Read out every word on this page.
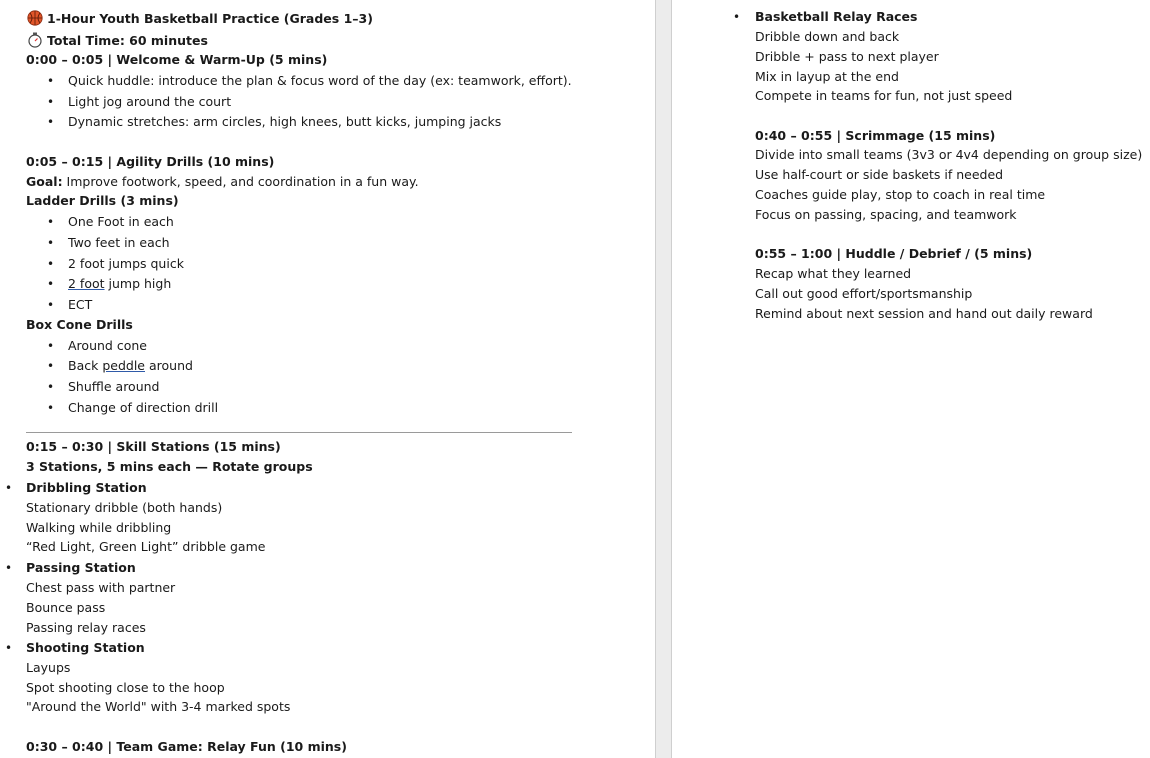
1-Hour Youth Basketball Practice (Grades 1–3)
Total Time: 60 minutes
0:00 – 0:05 | Welcome & Warm-Up (5 mins)
• Quick huddle: introduce the plan & focus word of the day (ex: teamwork, effort).
• Light jog around the court
• Dynamic stretches: arm circles, high knees, butt kicks, jumping jacks
0:05 – 0:15 | Agility Drills (10 mins)
Goal: Improve footwork, speed, and coordination in a fun way.
Ladder Drills (3 mins)
• One Foot in each
• Two feet in each
• 2 foot jumps quick
• 2 foot jump high
• ECT
Box Cone Drills
• Around cone
• Back peddle around
• Shuffle around
• Change of direction drill
0:15 – 0:30 | Skill Stations (15 mins)
3 Stations, 5 mins each — Rotate groups
• Dribbling Station
Stationary dribble (both hands)
Walking while dribbling
“Red Light, Green Light” dribble game
• Passing Station
Chest pass with partner
Bounce pass
Passing relay races
• Shooting Station
Layups
Spot shooting close to the hoop
"Around the World" with 3-4 marked spots
0:30 – 0:40 | Team Game: Relay Fun (10 mins)
• Basketball Relay Races
Dribble down and back
Dribble + pass to next player
Mix in layup at the end
Compete in teams for fun, not just speed
0:40 – 0:55 | Scrimmage (15 mins)
Divide into small teams (3v3 or 4v4 depending on group size)
Use half-court or side baskets if needed
Coaches guide play, stop to coach in real time
Focus on passing, spacing, and teamwork
0:55 – 1:00 | Huddle / Debrief / (5 mins)
Recap what they learned
Call out good effort/sportsmanship
Remind about next session and hand out daily reward
